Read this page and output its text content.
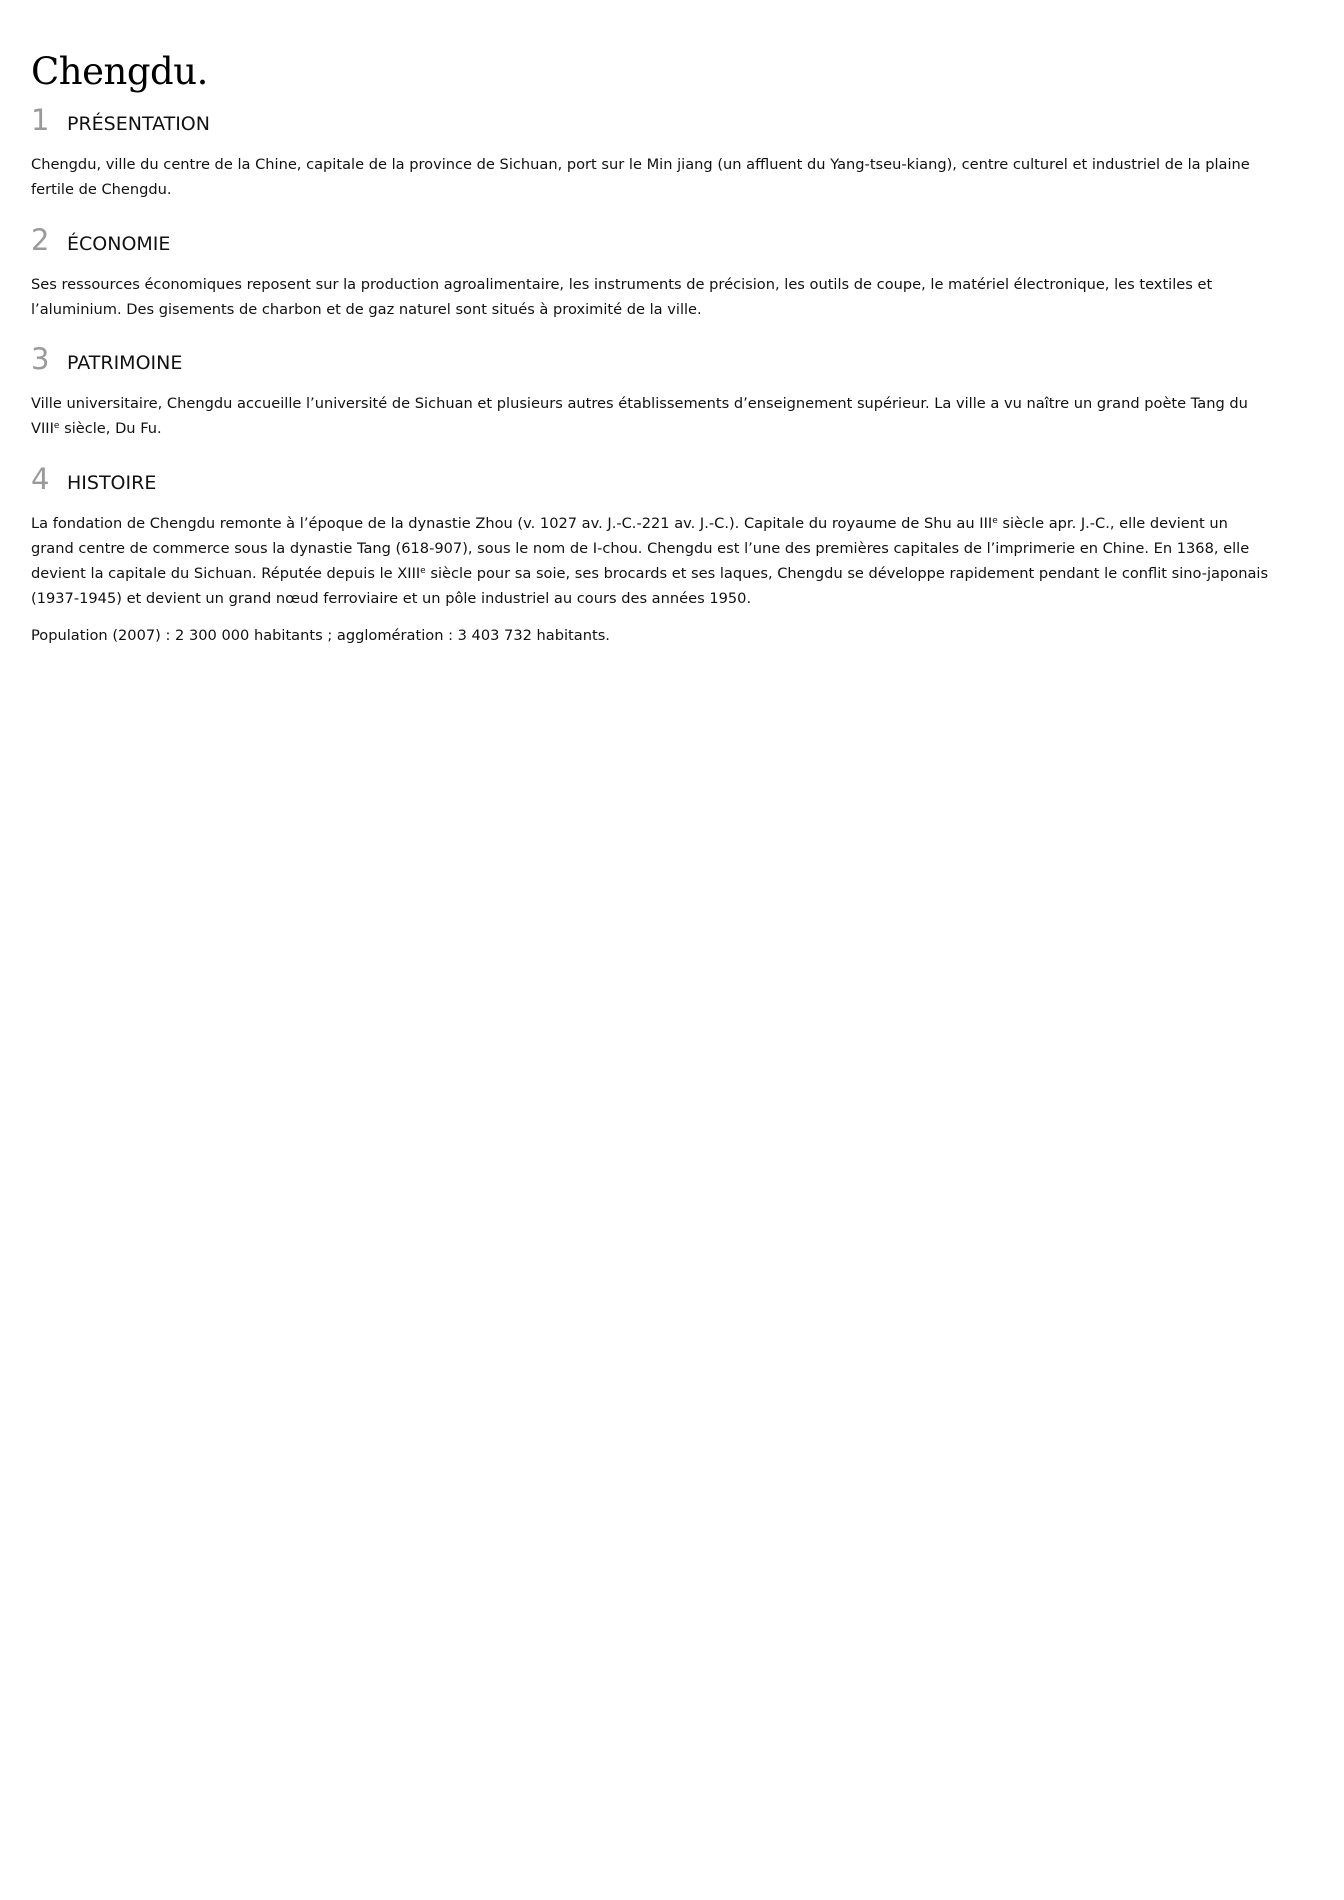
Chengdu.
1 PRÉSENTATION

Chengdu, ville du centre de la Chine, capitale de la province de Sichuan, port sur le Min jiang (un affluent du Yang-tseu-kiang), centre culturel et industriel de la plaine
fertile de Chengdu.

2 ÉCONOMIE

Ses ressources économiques reposent sur la production agroalimentaire, les instruments de précision, les outils de coupe, le matériel électronique, les textiles et
l’aluminium. Des gisements de charbon et de gaz naturel sont situés à proximité de la ville.

3 PATRIMOINE

Ville universitaire, Chengdu accueille l’université de Sichuan et plusieurs autres établissements d’enseignement supérieur. La ville a vu naître un grand poète Tang du
VIIIe siècle, Du Fu.

4 HISTOIRE

La fondation de Chengdu remonte à l’époque de la dynastie Zhou (v. 1027 av. J.-C.-221 av. J.-C.). Capitale du royaume de Shu au IIIe siècle apr. J.-C., elle devient un
grand centre de commerce sous la dynastie Tang (618-907), sous le nom de I-chou. Chengdu est l’une des premières capitales de l’imprimerie en Chine. En 1368, elle
devient la capitale du Sichuan. Réputée depuis le XIIIe siècle pour sa soie, ses brocards et ses laques, Chengdu se développe rapidement pendant le conflit sino-japonais
(1937-1945) et devient un grand nœud ferroviaire et un pôle industriel au cours des années 1950.

Population (2007) : 2 300 000 habitants ; agglomération : 3 403 732 habitants.
